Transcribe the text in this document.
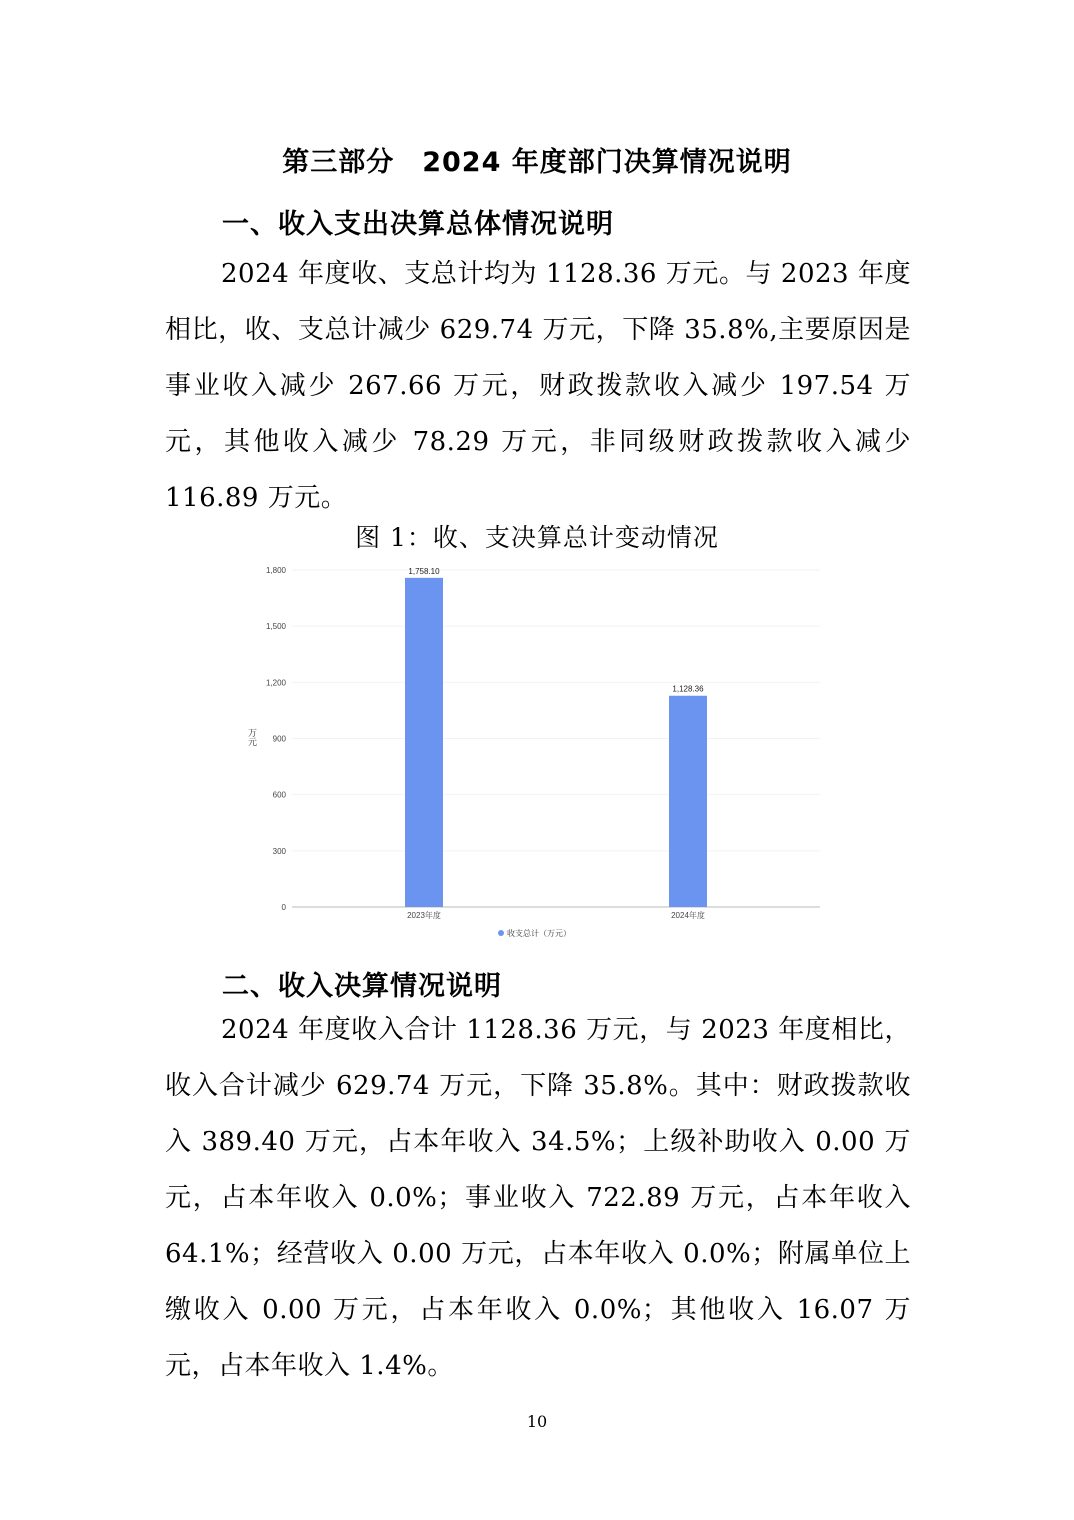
第三部分　2024 年度部门决算情况说明
一、收入支出决算总体情况说明

2024 年度收、支总计均为 1128.36 万元。与 2023 年度相比，收、支总计减少 629.74 万元，下降 35.8%,主要原因是事业收入减少 267.66 万元，财政拨款收入减少 197.54 万元，其他收入减少 78.29 万元，非同级财政拨款收入减少 116.89 万元。

图 1：收、支决算总计变动情况
0
300
600
900
1,200
1,500
1,800	1,758.10
1,128.36
2023年度	2024年度
万元
收支总计（万元）
二、收入决算情况说明

2024 年度收入合计 1128.36 万元，与 2023 年度相比，收入合计减少 629.74 万元，下降 35.8%。其中：财政拨款收入 389.40 万元，占本年收入 34.5%；上级补助收入 0.00 万元，占本年收入 0.0%；事业收入 722.89 万元，占本年收入 64.1%；经营收入 0.00 万元，占本年收入 0.0%；附属单位上缴收入 0.00 万元，占本年收入 0.0%；其他收入 16.07 万元，占本年收入 1.4%。

10
